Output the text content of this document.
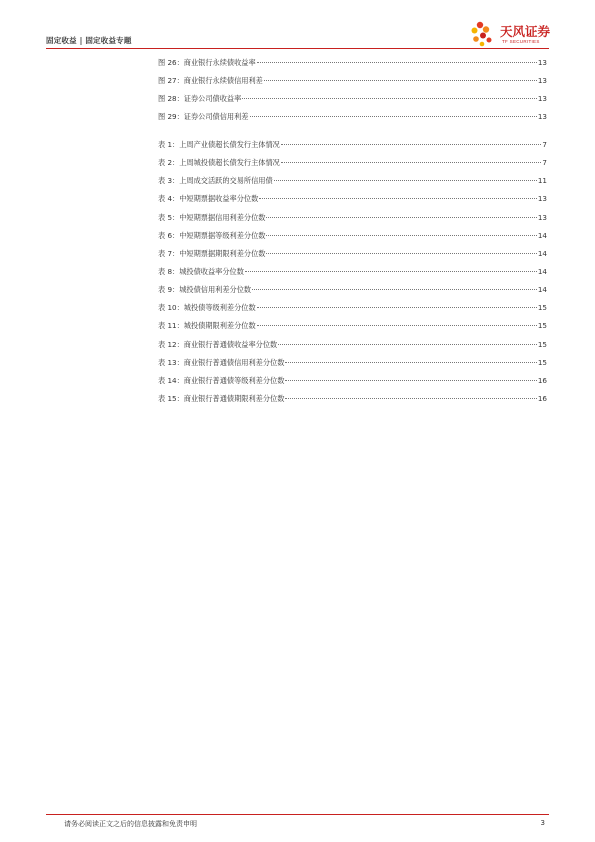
固定收益 | 固定收益专题
天风证券
TF SECURITIES
图 26：商业银行永续债收益率	13
图 27：商业银行永续债信用利差	13
图 28：证券公司债收益率	13
图 29：证券公司债信用利差	13
表 1：上周产业债超长债发行主体情况	7
表 2：上周城投债超长债发行主体情况	7
表 3：上周成交活跃的交易所信用债	11
表 4：中短期票据收益率分位数	13
表 5：中短期票据信用利差分位数	13
表 6：中短期票据等级利差分位数	14
表 7：中短期票据期限利差分位数	14
表 8：城投债收益率分位数	14
表 9：城投债信用利差分位数	14
表 10：城投债等级利差分位数	15
表 11：城投债期限利差分位数	15
表 12：商业银行普通债收益率分位数	15
表 13：商业银行普通债信用利差分位数	15
表 14：商业银行普通债等级利差分位数	16
表 15：商业银行普通债期限利差分位数	16
请务必阅读正文之后的信息披露和免责申明	3
